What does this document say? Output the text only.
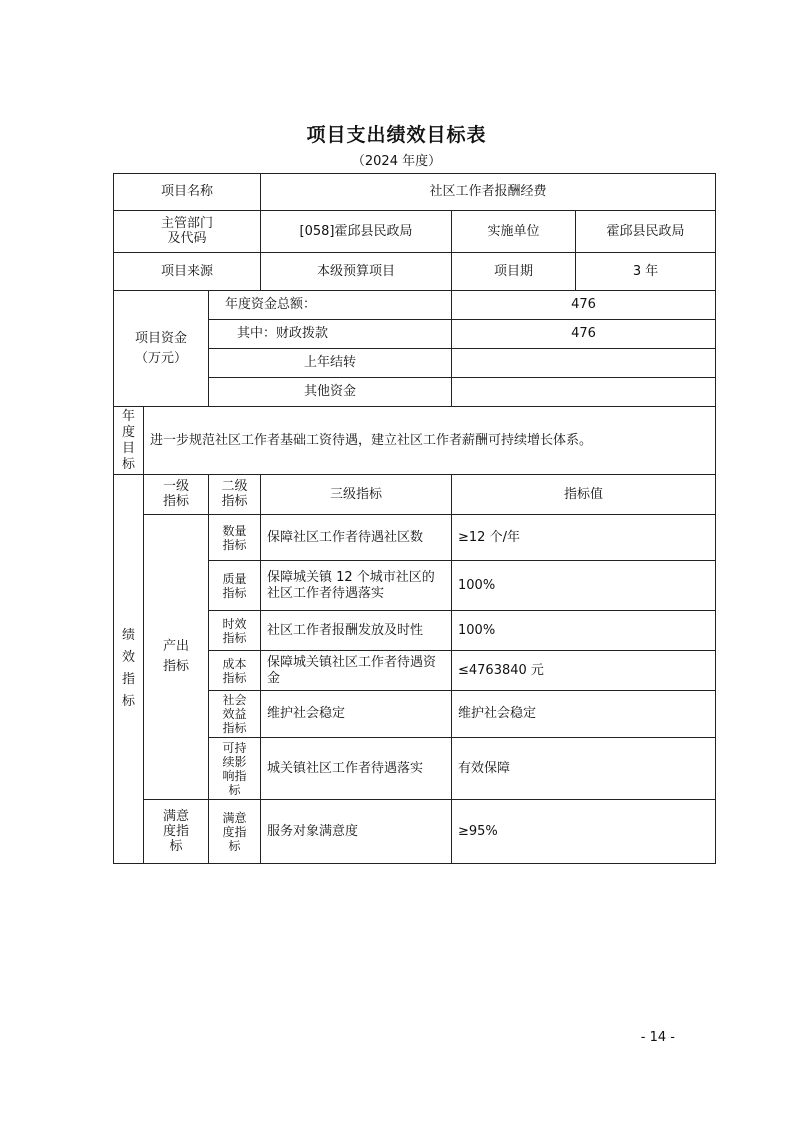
项目支出绩效目标表
（2024 年度）
项目名称			社区工作者报酬经费		
主管部门及代码			[058]霍邱县民政局	实施单位	霍邱县民政局
项目来源			本级预算项目	项目期	3 年
项目资金（万元）		年度资金总额：		476	
		其中：财政拨款		476	
		上年结转			
		其他资金			
年度目标	进一步规范社区工作者基础工资待遇，建立社区工作者薪酬可持续增长体系。				
绩效指标	一级指标	二级指标	三级指标	指标值	
	产出指标	数量指标	保障社区工作者待遇社区数	≥12 个/年	
		质量指标	保障城关镇 12 个城市社区的社区工作者待遇落实	100%	
		时效指标	社区工作者报酬发放及时性	100%	
		成本指标	保障城关镇社区工作者待遇资金	≤4763840 元	
		社会效益指标	维护社会稳定	维护社会稳定	
		可持续影响指标	城关镇社区工作者待遇落实	有效保障	
	满意度指标	满意度指标	服务对象满意度	≥95%	
- 14 -
